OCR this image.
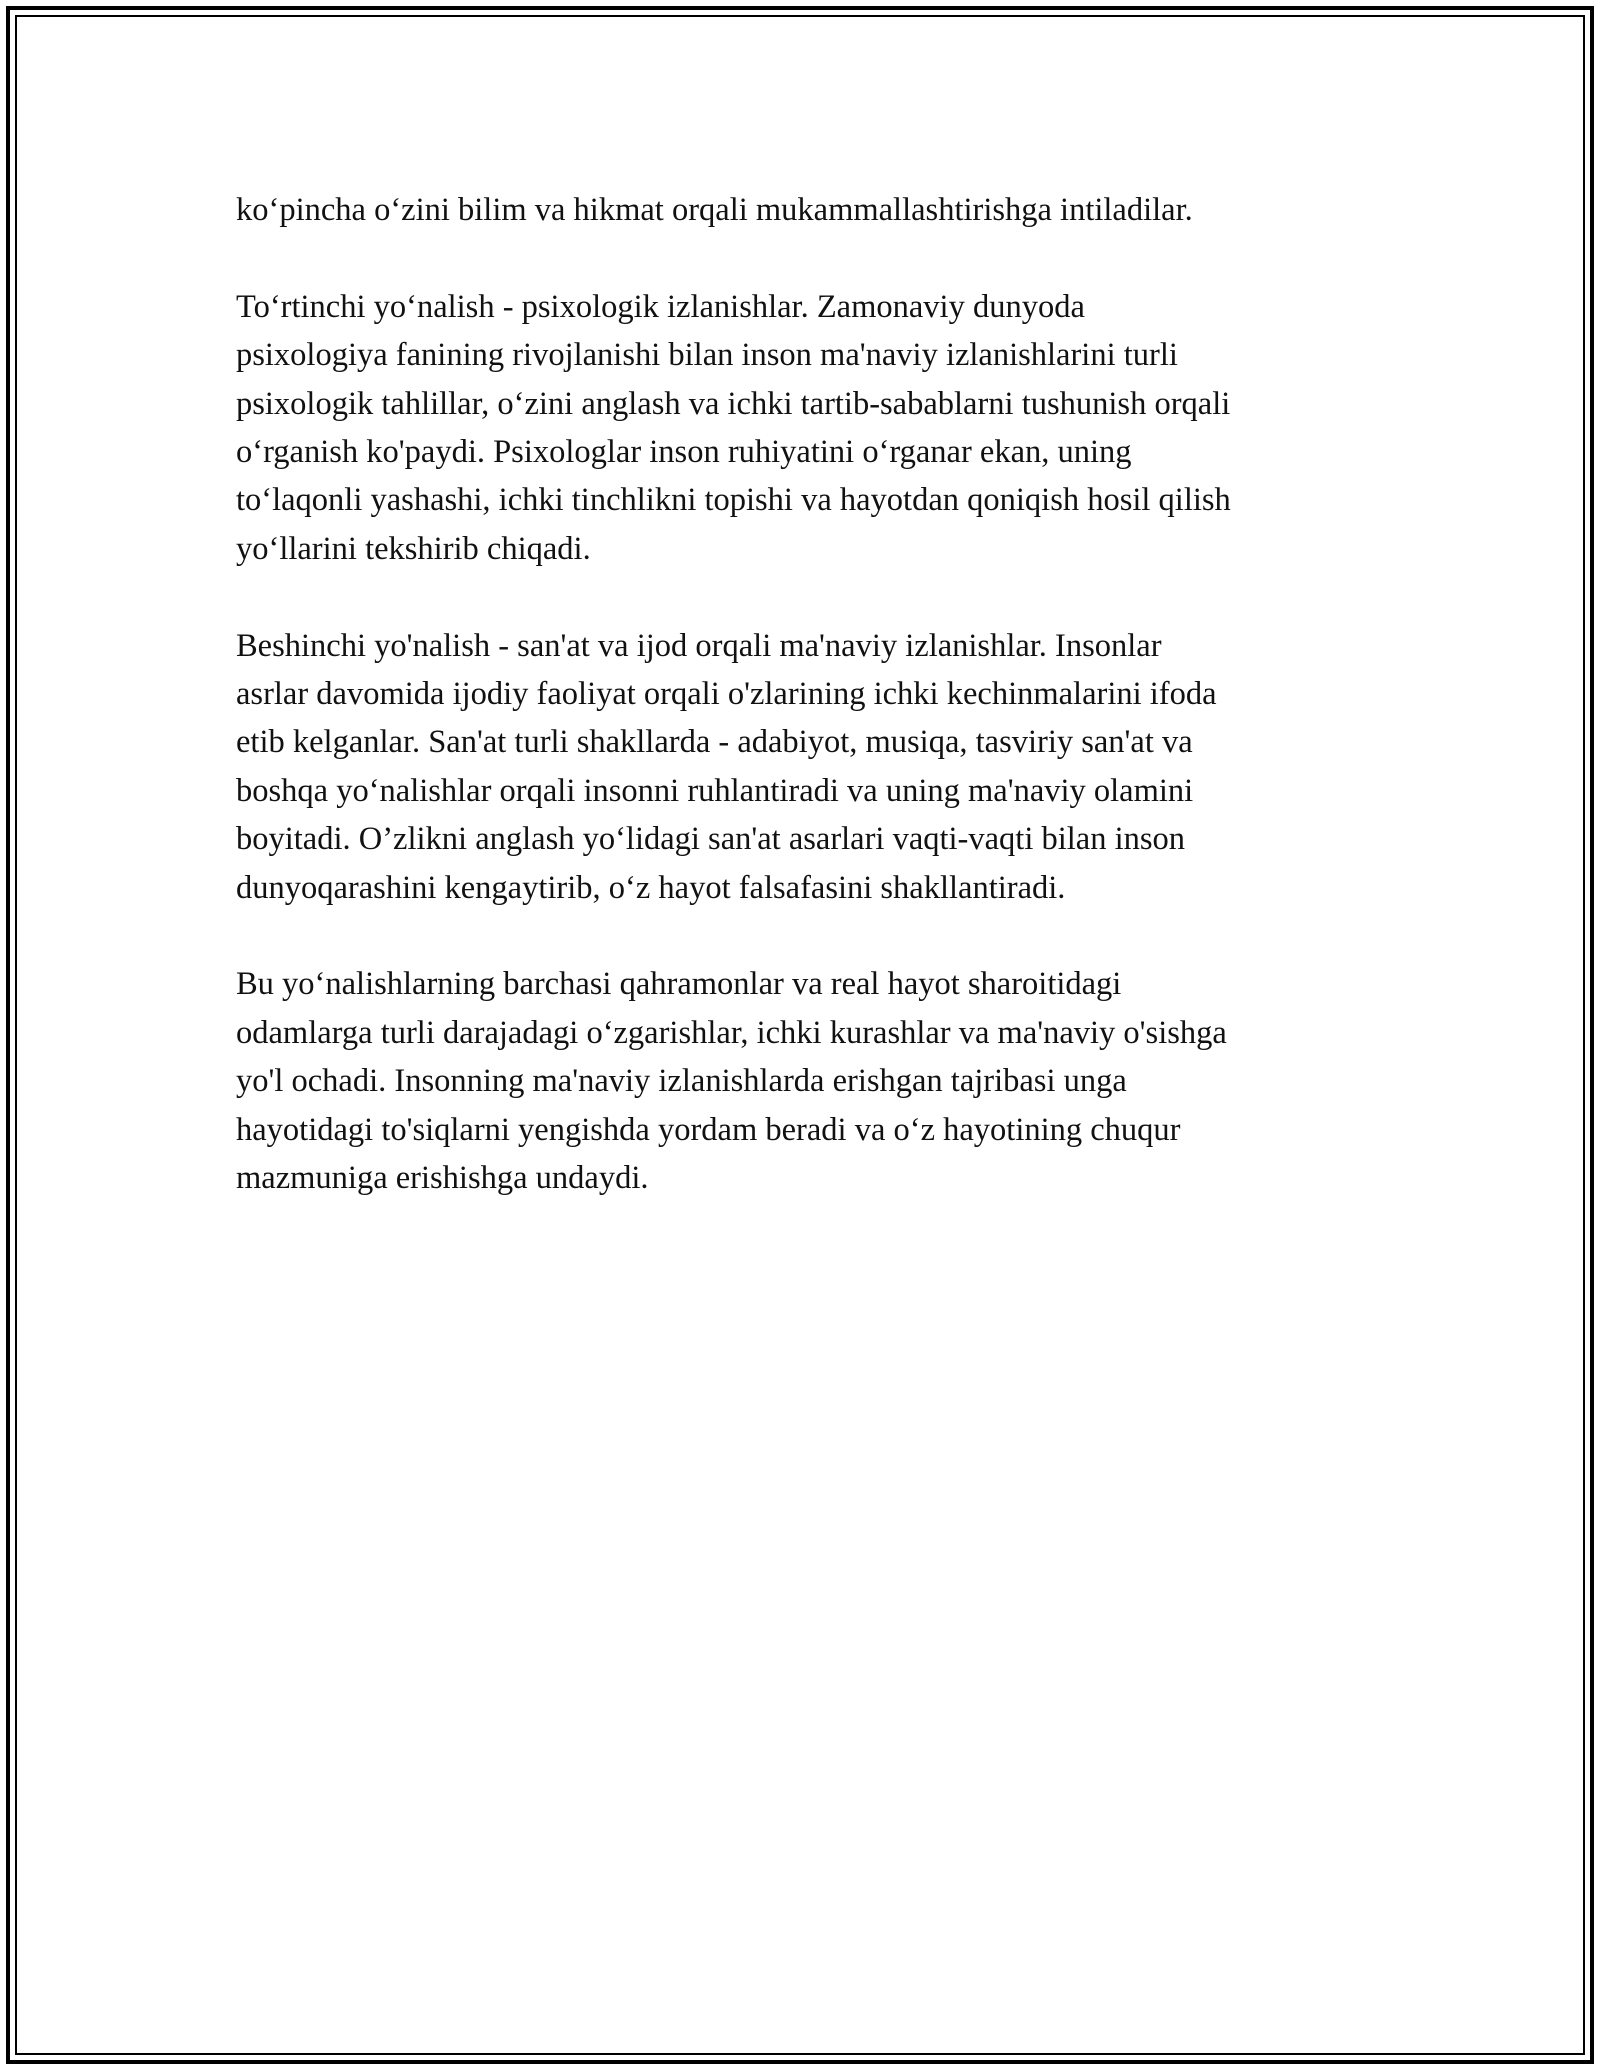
ko‘pincha o‘zini bilim va hikmat orqali mukammallashtirishga intiladilar.

To‘rtinchi yo‘nalish - psixologik izlanishlar. Zamonaviy dunyoda
psixologiya fanining rivojlanishi bilan inson ma'naviy izlanishlarini turli
psixologik tahlillar, o‘zini anglash va ichki tartib-sabablarni tushunish orqali
o‘rganish ko'paydi. Psixologlar inson ruhiyatini o‘rganar ekan, uning
to‘laqonli yashashi, ichki tinchlikni topishi va hayotdan qoniqish hosil qilish
yo‘llarini tekshirib chiqadi.

Beshinchi yo'nalish - san'at va ijod orqali ma'naviy izlanishlar. Insonlar
asrlar davomida ijodiy faoliyat orqali o'zlarining ichki kechinmalarini ifoda
etib kelganlar. San'at turli shakllarda - adabiyot, musiqa, tasviriy san'at va
boshqa yo‘nalishlar orqali insonni ruhlantiradi va uning ma'naviy olamini
boyitadi. O’zlikni anglash yo‘lidagi san'at asarlari vaqti-vaqti bilan inson
dunyoqarashini kengaytirib, o‘z hayot falsafasini shakllantiradi.

Bu yo‘nalishlarning barchasi qahramonlar va real hayot sharoitidagi
odamlarga turli darajadagi o‘zgarishlar, ichki kurashlar va ma'naviy o'sishga
yo'l ochadi. Insonning ma'naviy izlanishlarda erishgan tajribasi unga
hayotidagi to'siqlarni yengishda yordam beradi va o‘z hayotining chuqur
mazmuniga erishishga undaydi.
